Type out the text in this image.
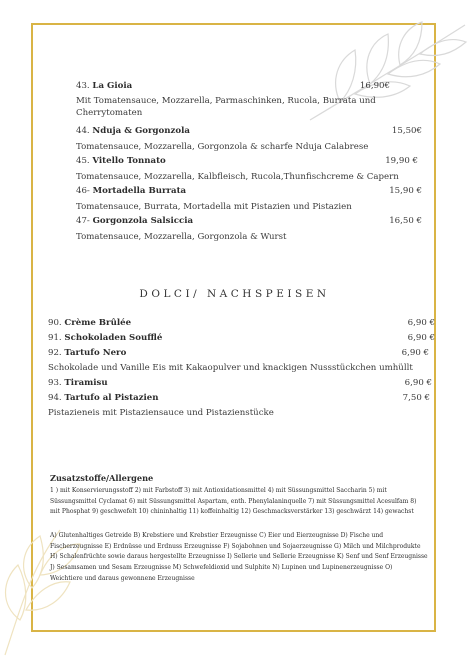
43. La Gioia	16,90€
Mit Tomatensauce, Mozzarella, Parmaschinken, Rucola, Burrata und Cherrytomaten
44. Nduja & Gorgonzola	15,50€
Tomatensauce, Mozzarella, Gorgonzola & scharfe Nduja Calabrese
45. Vitello Tonnato	19,90 €
Tomatensauce, Mozzarella, Kalbfleisch, Rucola,Thunfischcreme & Capern
46- Mortadella Burrata	15,90 €
Tomatensauce, Burrata, Mortadella mit Pistazien und Pistazien
47- Gorgonzola Salsiccia	16,50 €
Tomatensauce, Mozzarella, Gorgonzola & Wurst
DOLCI/ NACHSPEISEN
90. Crème Brûlée	6,90 €
91. Schokoladen Soufflé	6,90 €
92. Tartufo Nero	6,90 €
Schokolade und Vanille Eis mit Kakaopulver und knackigen Nussstückchen umhüllt
93. Tiramisu	6,90 €
94. Tartufo al Pistazien	7,50 €
Pistazieneis mit Pistaziensauce und Pistazienstücke
Zusatzstoffe/Allergene
1 ) mit Konservierungsstoff 2) mit Farbstoff 3) mit Antioxidationsmittel 4) mit Süssungsmittel Saccharin 5) mit
Süssungsmittel Cyclamat 6) mit Süssungsmittel Aspartam, enth. Phenylalaninquelle 7) mit Süssungsmittel Acesulfam 8)
mit Phosphat 9) geschwefelt 10) chininhaltig 11) koffeinhaltig 12) Geschmacksverstärker 13) geschwärzt 14) gewachst
A) Glutenhaltiges Getreide B) Krebstiere und Krebstier Erzeugnisse C) Eier und Eierzeugnisse D) Fische und
Fischerzeugnisse E) Erdnüsse und Erdnuss Erzeugnisse F) Sojabohnen und Sojaerzeugnisse G) Milch und Milchprodukte
H) Schalenfrüchte sowie daraus hergestellte Erzeugnisse I) Sellerie und Sellerie Erzeugnisse K) Senf und Senf Erzeugnisse
J) Sesamsamen und Sesam Erzeugnisse M) Schwefeldioxid und Sulphite N) Lupinen und Lupinenerzeugnisse O)
Weichtiere und daraus gewonnene Erzeugnisse
